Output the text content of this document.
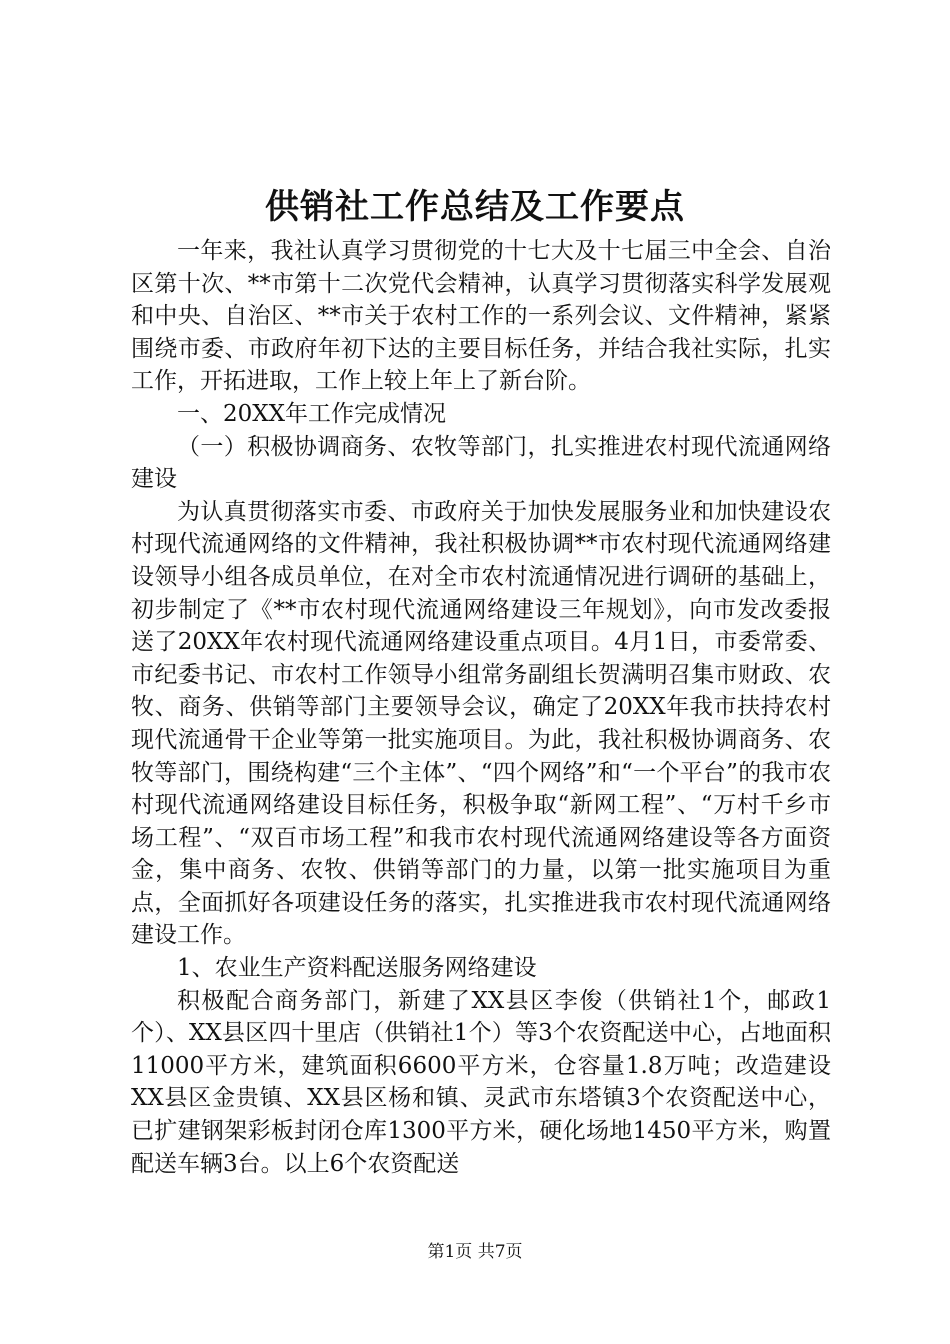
供销社工作总结及工作要点

一年来，我社认真学习贯彻党的十七大及十七届三中全会、自治区第十次、**市第十二次党代会精神，认真学习贯彻落实科学发展观和中央、自治区、**市关于农村工作的一系列会议、文件精神，紧紧围绕市委、市政府年初下达的主要目标任务，并结合我社实际，扎实工作，开拓进取，工作上较上年上了新台阶。

一、20XX年工作完成情况

（一）积极协调商务、农牧等部门，扎实推进农村现代流通网络建设

为认真贯彻落实市委、市政府关于加快发展服务业和加快建设农村现代流通网络的文件精神，我社积极协调**市农村现代流通网络建设领导小组各成员单位，在对全市农村流通情况进行调研的基础上，初步制定了《**市农村现代流通网络建设三年规划》，向市发改委报送了20XX年农村现代流通网络建设重点项目。4月1日，市委常委、市纪委书记、市农村工作领导小组常务副组长贺满明召集市财政、农牧、商务、供销等部门主要领导会议，确定了20XX年我市扶持农村现代流通骨干企业等第一批实施项目。为此，我社积极协调商务、农牧等部门，围绕构建“三个主体”、“四个网络”和“一个平台”的我市农村现代流通网络建设目标任务，积极争取“新网工程”、“万村千乡市场工程”、“双百市场工程”和我市农村现代流通网络建设等各方面资金，集中商务、农牧、供销等部门的力量，以第一批实施项目为重点，全面抓好各项建设任务的落实，扎实推进我市农村现代流通网络建设工作。

1、农业生产资料配送服务网络建设

积极配合商务部门，新建了XX县区李俊（供销社1个，邮政1个）、XX县区四十里店（供销社1个）等3个农资配送中心，占地面积11000平方米，建筑面积6600平方米，仓容量1.8万吨；改造建设XX县区金贵镇、XX县区杨和镇、灵武市东塔镇3个农资配送中心，已扩建钢架彩板封闭仓库1300平方米，硬化场地1450平方米，购置配送车辆3台。以上6个农资配送

第1页 共7页
